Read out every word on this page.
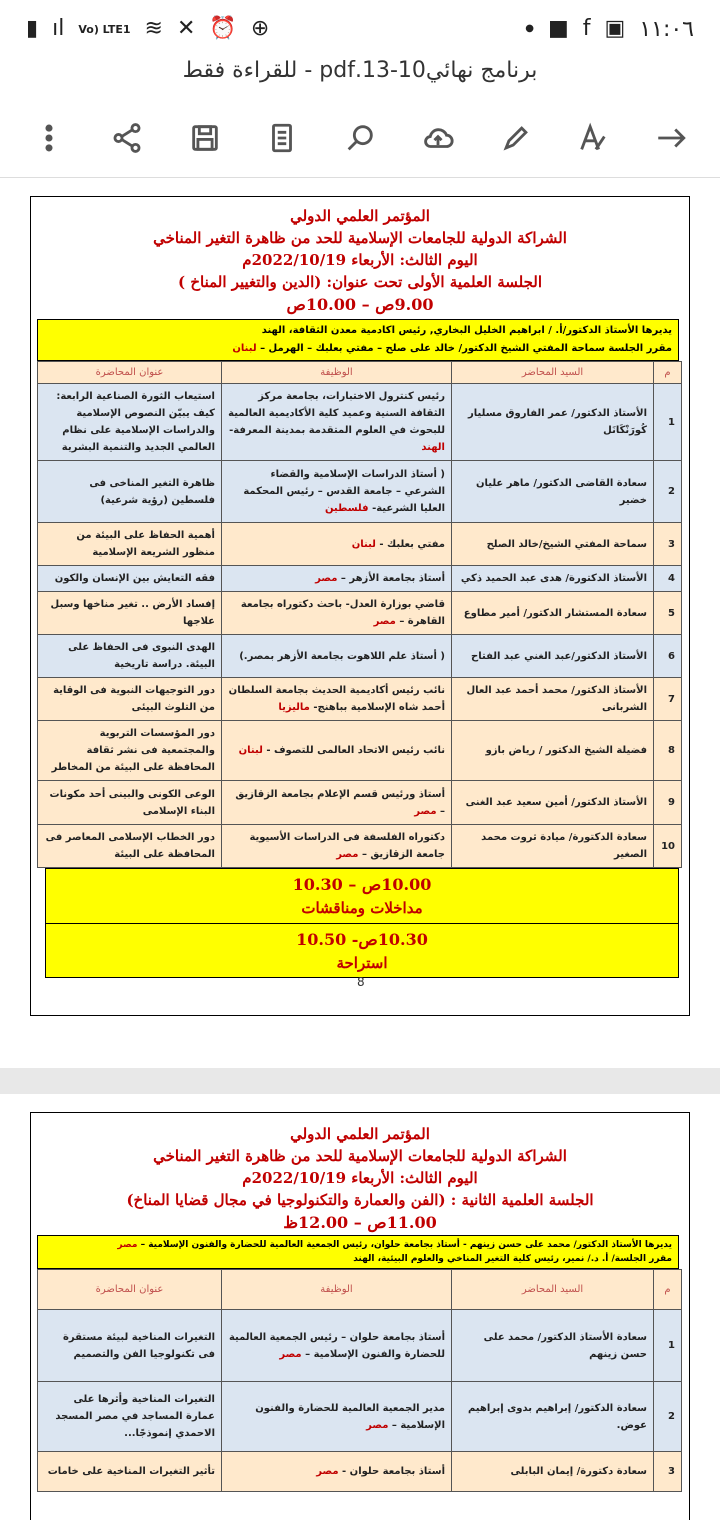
▮ ıl Vo) LTE1 ≋ ✕ ⏰ ⊕	● ■ f ▣ ١١:٠٦
برنامج نهائي10-13.pdf - للقراءة فقط
المؤتمر العلمي الدولي
الشراكة الدولية للجامعات الإسلامية للحد من ظاهرة التغير المناخي
اليوم الثالث: الأربعاء 2022/10/19م
الجلسة العلمية الأولى تحت عنوان: (الدين والتغيير المناخ )
9.00ص – 10.00ص
يديرها الأستاذ الدكتور/أ. / ابراهيم الخليل البخاري, رئيس اكادمية معدن الثقافة، الهند
مقرر الجلسة سماحة المفتي الشيخ الدكتور/ خالد على صلح – مفتي بعلبك – الهرمل – لبنان
م	السيد المحاضر	الوظيفة	عنوان المحاضرة
1	الأستاذ الدكتور/ عمر الفاروق مسليار كُورَنْكَانَل	رئيس كنترول الاختبارات، بجامعة مركز الثقافة السنية وعميد كلية الأكاديمية العالمية للبحوث في العلوم المتقدمة بمدينة المعرفة-الهند	استيعاب الثورة الصناعية الرابعة: كيف يبيّن النصوص الإسلامية والدراسات الإسلامية على نظام العالمي الجديد والتنمية البشرية
2	سعادة القاضى الدكتور/ ماهر عليان خضير	( أستاذ الدراسات الإسلامية والقضاء الشرعي – جامعة القدس – رئيس المحكمة العليا الشرعية- فلسطين	ظاهرة التغير المناخى فى فلسطين (رؤية شرعية)
3	سماحة المفتي الشيخ/خالد الصلح	مفتي بعلبك - لبنان	أهمية الحفاظ على البيئة من منظور الشريعة الإسلامية
4	الأستاذ الدكتورة/ هدى عبد الحميد ذكي	أستاذ بجامعة الأزهر – مصر	فقه التعايش بين الإنسان والكون
5	سعادة المستشار الدكتور/ أمير مطاوع	قاضي بوزارة العدل- باحث دكتوراه بجامعة القاهرة – مصر	إفساد الأرض .. تغير مناخها وسبل علاجها
6	الأستاذ الدكتور/عبد الغني عبد الفتاح	( أستاذ علم اللاهوت بجامعة الأزهر بمصر.)	الهدى النبوى فى الحفاظ على البيئة. دراسة تاريخية
7	الأستاذ الدكتور/ محمد أحمد عبد العال الشربانى	نائب رئيس أكاديمية الحديث بجامعة السلطان أحمد شاه الإسلامية بباهنج- ماليزيا	دور التوجيهات النبوية فى الوقاية من التلوث البيئى
8	فضيلة الشيخ الدكتور / رياض بازو	نائب رئيس الاتحاد العالمى للتصوف - لبنان	دور المؤسسات التربوية والمجتمعية فى نشر ثقافة المحافظة على البيئة من المخاطر
9	الأستاذ الدكتور/ أمين سعيد عبد الغنى	أستاذ ورئيس قسم الإعلام بجامعة الزقازيق – مصر	الوعى الكونى والبينى أحد مكونات البناء الإسلامى
10	سعادة الدكتورة/ ميادة ثروت محمد الصغير	دكتوراه الفلسفة فى الدراسات الأسيوية جامعة الزقازيق – مصر	دور الخطاب الإسلامى المعاصر فى المحافظة على البيئة
10.00ص – 10.30
مداخلات ومناقشات
10.30ص- 10.50
استراحة
8
المؤتمر العلمي الدولي
الشراكة الدولية للجامعات الإسلامية للحد من ظاهرة التغير المناخي
اليوم الثالث: الأربعاء 2022/10/19م
الجلسة العلمية الثانية : (الفن والعمارة والتكنولوجيا في مجال قضايا المناخ)
11.00ص – 12.00ظ
يديرها الأستاذ الدكتور/ محمد على حسن زينهم - أستاذ بجامعة حلوان، رئيس الجمعية العالمية للحضارة والفنون الإسلامية – مصر
مقرر الجلسة/ أ. د./ نمير، رئيس كلية التغير المناخي والعلوم البيئية، الهند
م	السيد المحاضر	الوظيفة	عنوان المحاضرة
1	سعادة الأستاذ الدكتور/ محمد على حسن زينهم	أستاذ بجامعة حلوان – رئيس الجمعية العالمية للحضارة والفنون الإسلامية – مصر	التغيرات المناخية لبيئة مستقرة فى تكنولوجيا الفن والتصميم
2	سعادة الدكتور/ إبراهيم بدوى إبراهيم عوض.	مدير الجمعية العالمية للحضارة والفنون الإسلامية – مصر	التغيرات المناخية وأثرها على عمارة المساجد في مصر المسجد الاحمدي إنموذجًا...
3	سعادة دكتورة/ إيمان البابلى	أستاذ بجامعة حلوان - مصر	تأثير التغيرات المناخية على خامات
